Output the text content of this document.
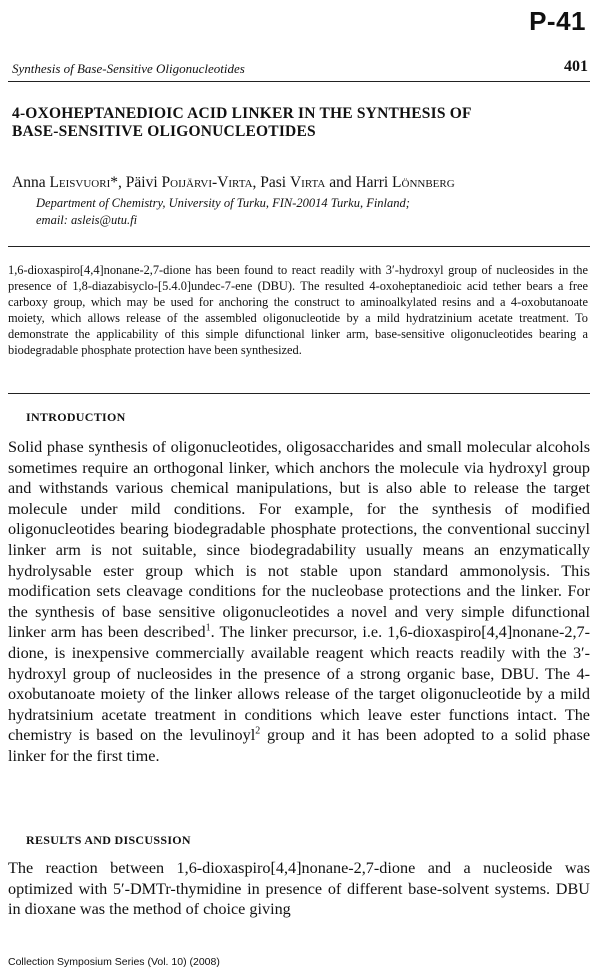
P-41
Synthesis of Base-Sensitive Oligonucleotides	401
4-OXOHEPTANEDIOIC ACID LINKER IN THE SYNTHESIS OF
BASE-SENSITIVE OLIGONUCLEOTIDES
Anna Leisvuori*, Päivi Poijärvi-Virta, Pasi Virta and Harri Lönnberg
Department of Chemistry, University of Turku, FIN-20014 Turku, Finland;
email: asleis@utu.fi

1,6-dioxaspiro[4,4]nonane-2,7-dione has been found to react readily with 3′-hydroxyl group of nucleosides in the presence of 1,8-diazabisyclo-[5.4.0]undec-7-ene (DBU). The resulted 4-oxoheptanedioic acid tether bears a free carboxy group, which may be used for anchoring the construct to aminoalkylated resins and a 4-oxobutanoate moiety, which allows release of the assembled oligonucleotide by a mild hydratzinium acetate treatment. To demonstrate the applicability of this simple difunctional linker arm, base-sensitive oligonucleotides bearing a biodegradable phosphate protection have been synthesized.

INTRODUCTION

Solid phase synthesis of oligonucleotides, oligosaccharides and small molecular alcohols sometimes require an orthogonal linker, which anchors the molecule via hydroxyl group and withstands various chemical manipulations, but is also able to release the target molecule under mild conditions. For example, for the synthesis of modified oligonucleotides bearing biodegradable phosphate protections, the conventional succinyl linker arm is not suitable, since biodegradability usually means an enzymatically hydrolysable ester group which is not stable upon standard ammonolysis. This modification sets cleavage conditions for the nucleobase protections and the linker. For the synthesis of base sensitive oligonucleotides a novel and very simple difunctional linker arm has been described$^1$. The linker precursor, i.e. 1,6-dioxaspiro[4,4]nonane-2,7-dione, is inexpensive commercially available reagent which reacts readily with the 3′-hydroxyl group of nucleosides in the presence of a strong organic base, DBU. The 4-oxobutanoate moiety of the linker allows release of the target oligonucleotide by a mild hydratsinium acetate treatment in conditions which leave ester functions intact. The chemistry is based on the levulinoyl$^2$ group and it has been adopted to a solid phase linker for the first time.

RESULTS AND DISCUSSION

The reaction between 1,6-dioxaspiro[4,4]nonane-2,7-dione and a nucleoside was optimized with 5′-DMTr-thymidine in presence of different base-solvent systems. DBU in dioxane was the method of choice giving

Collection Symposium Series (Vol. 10) (2008)
